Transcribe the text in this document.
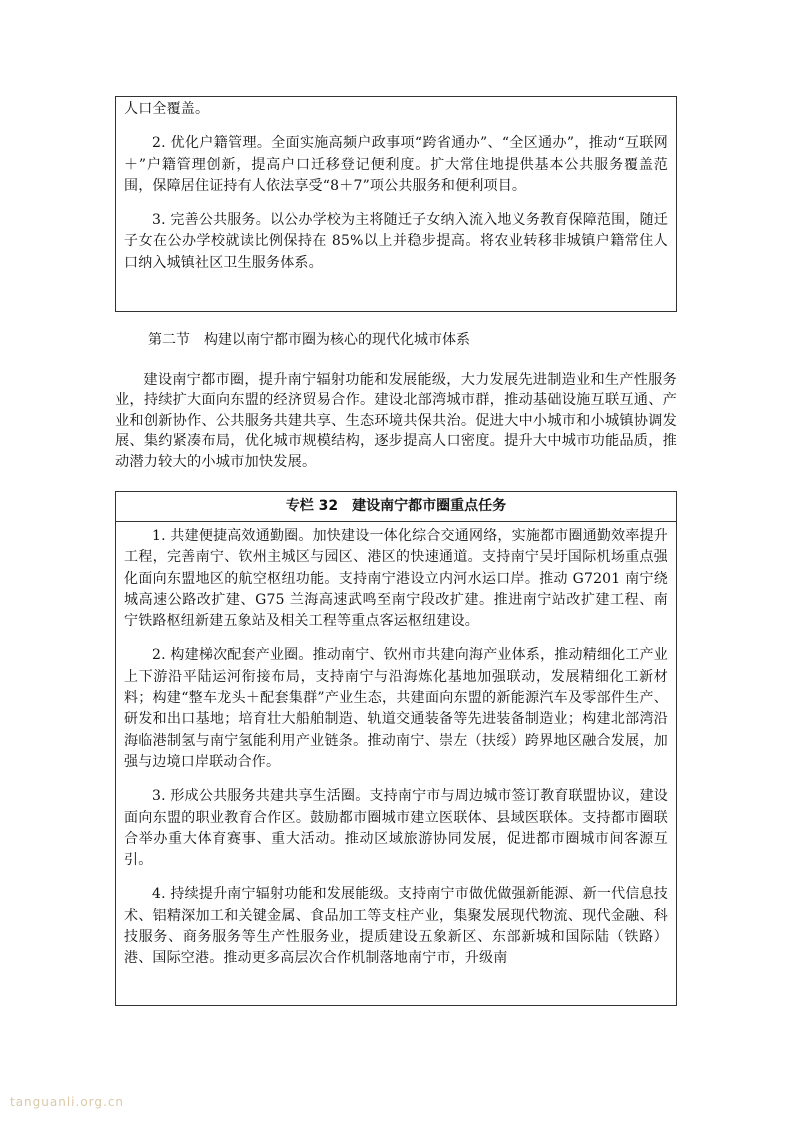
人口全覆盖。

2. 优化户籍管理。全面实施高频户政事项“跨省通办”、“全区通办”，推动“互联网＋”户籍管理创新，提高户口迁移登记便利度。扩大常住地提供基本公共服务覆盖范围，保障居住证持有人依法享受“8＋7”项公共服务和便利项目。

3. 完善公共服务。以公办学校为主将随迁子女纳入流入地义务教育保障范围，随迁子女在公办学校就读比例保持在 85%以上并稳步提高。将农业转移非城镇户籍常住人口纳入城镇社区卫生服务体系。

第二节　构建以南宁都市圈为核心的现代化城市体系

建设南宁都市圈，提升南宁辐射功能和发展能级，大力发展先进制造业和生产性服务业，持续扩大面向东盟的经济贸易合作。建设北部湾城市群，推动基础设施互联互通、产业和创新协作、公共服务共建共享、生态环境共保共治。促进大中小城市和小城镇协调发展、集约紧凑布局，优化城市规模结构，逐步提高人口密度。提升大中城市功能品质，推动潜力较大的小城市加快发展。

专栏 32　建设南宁都市圈重点任务

1. 共建便捷高效通勤圈。加快建设一体化综合交通网络，实施都市圈通勤效率提升工程，完善南宁、钦州主城区与园区、港区的快速通道。支持南宁吴圩国际机场重点强化面向东盟地区的航空枢纽功能。支持南宁港设立内河水运口岸。推动 G7201 南宁绕城高速公路改扩建、G75 兰海高速武鸣至南宁段改扩建。推进南宁站改扩建工程、南宁铁路枢纽新建五象站及相关工程等重点客运枢纽建设。

2. 构建梯次配套产业圈。推动南宁、钦州市共建向海产业体系，推动精细化工产业上下游沿平陆运河衔接布局，支持南宁与沿海炼化基地加强联动，发展精细化工新材料；构建“整车龙头＋配套集群”产业生态，共建面向东盟的新能源汽车及零部件生产、研发和出口基地；培育壮大船舶制造、轨道交通装备等先进装备制造业；构建北部湾沿海临港制氢与南宁氢能利用产业链条。推动南宁、崇左（扶绥）跨界地区融合发展，加强与边境口岸联动合作。

3. 形成公共服务共建共享生活圈。支持南宁市与周边城市签订教育联盟协议，建设面向东盟的职业教育合作区。鼓励都市圈城市建立医联体、县域医联体。支持都市圈联合举办重大体育赛事、重大活动。推动区域旅游协同发展，促进都市圈城市间客源互引。

4. 持续提升南宁辐射功能和发展能级。支持南宁市做优做强新能源、新一代信息技术、铝精深加工和关键金属、食品加工等支柱产业，集聚发展现代物流、现代金融、科技服务、商务服务等生产性服务业，提质建设五象新区、东部新城和国际陆（铁路）港、国际空港。推动更多高层次合作机制落地南宁市，升级南

tanguanli.org.cn
